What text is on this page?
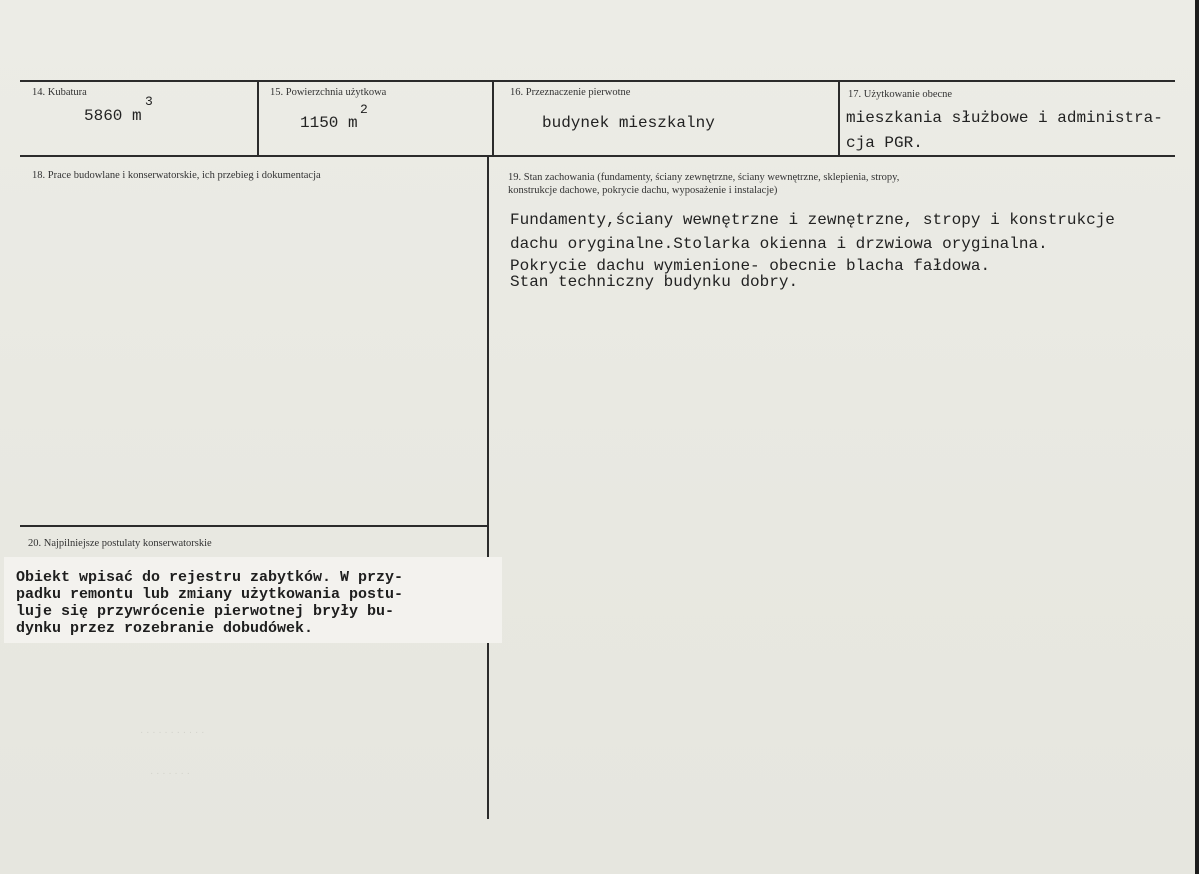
· · · · · · · · · · ·
· · · · · · ·
14. Kubatura
5860 m
3
15. Powierzchnia użytkowa
1150 m
2
16. Przeznaczenie pierwotne
budynek mieszkalny
17. Użytkowanie obecne
mieszkania służbowe i administra-
cja PGR.
18. Prace budowlane i konserwatorskie, ich przebieg i dokumentacja	19. Stan zachowania (fundamenty, ściany zewnętrzne, ściany wewnętrzne, sklepienia, stropy,
konstrukcje dachowe, pokrycie dachu, wyposażenie i instalacje)
Fundamenty,ściany wewnętrzne i zewnętrzne, stropy i konstrukcje
dachu oryginalne.Stolarka okienna i drzwiowa oryginalna.
Pokrycie dachu wymienione- obecnie blacha fałdowa.
Stan techniczny budynku dobry.
20. Najpilniejsze postulaty konserwatorskie
Obiekt wpisać do rejestru zabytków. W przy-
padku remontu lub zmiany użytkowania postu-
luje się przywrócenie pierwotnej bryły bu-
dynku przez rozebranie dobudówek.
